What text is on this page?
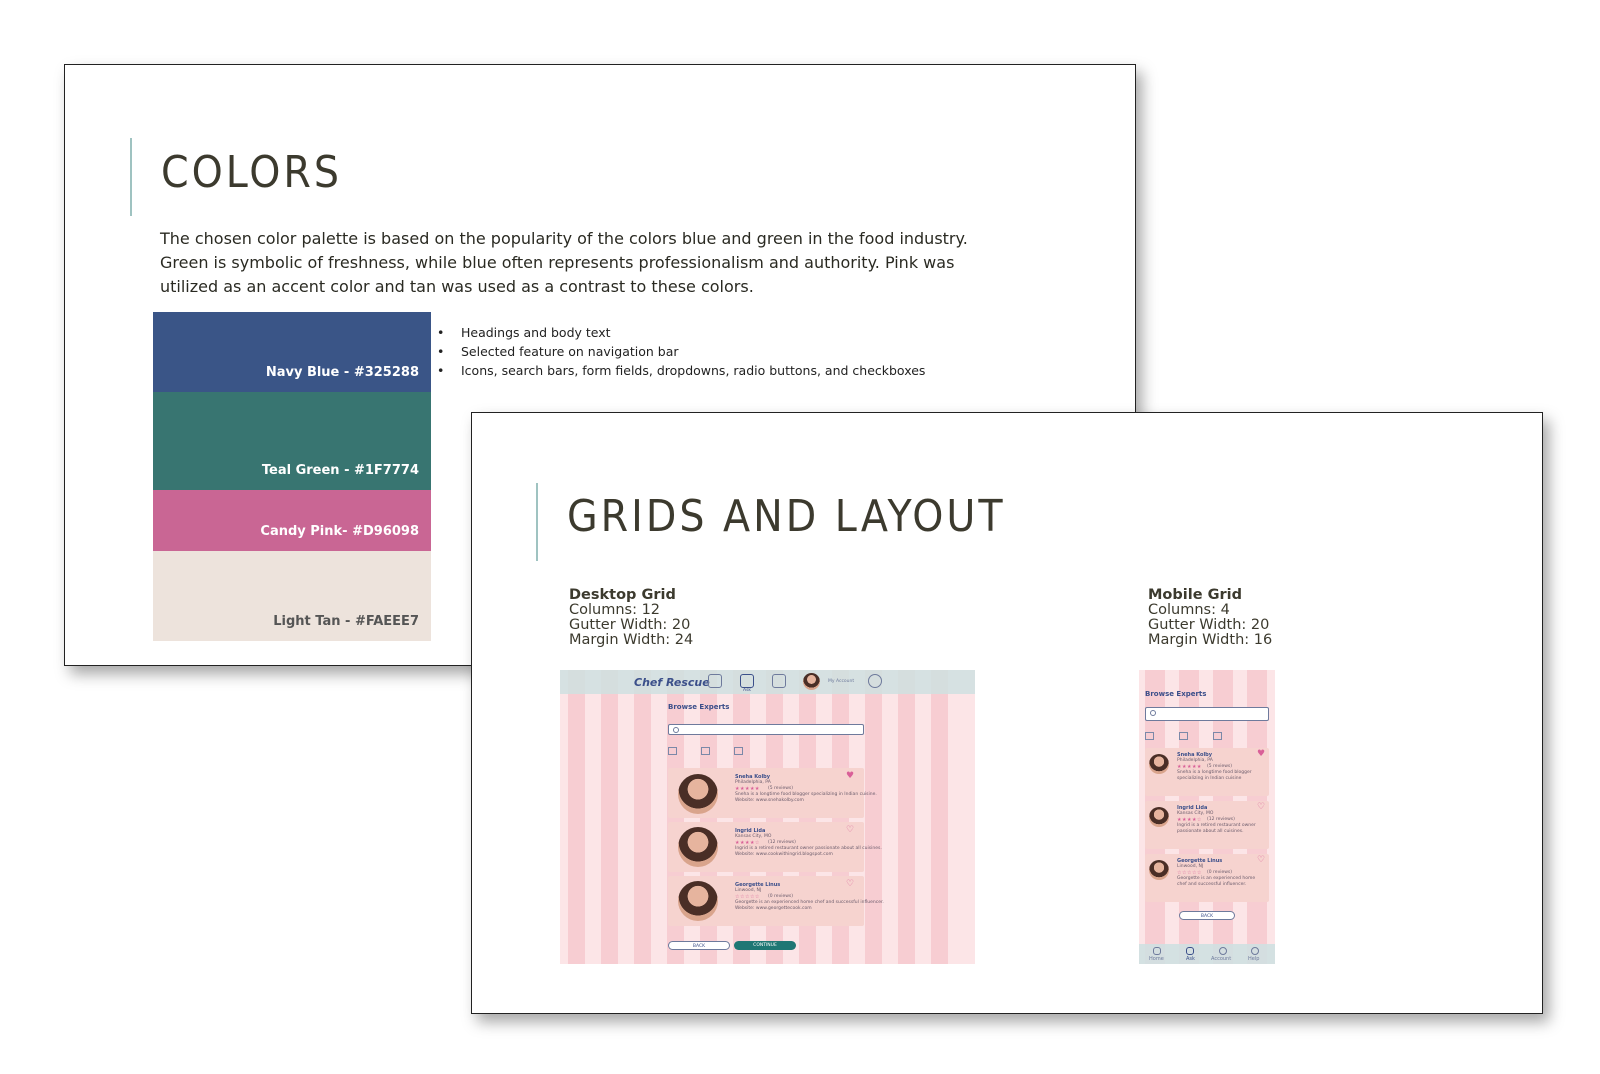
COLORS

The chosen color palette is based on the popularity of the colors blue and green in the food industry. Green is symbolic of freshness, while blue often represents professionalism and authority. Pink was utilized as an accent color and tan was used as a contrast to these colors.

Navy Blue - #325288
Teal Green - #1F7774
Candy Pink- #D96098
Light Tan - #FAEEE7
• Headings and body text
• Selected feature on navigation bar
• Icons, search bars, form fields, dropdowns, radio buttons, and checkboxes
GRIDS AND LAYOUT
Desktop Grid
Columns: 12
Gutter Width: 20
Margin Width: 24
Mobile Grid
Columns: 4
Gutter Width: 20
Margin Width: 16
Chef Rescue
Ask
My Account
Browse Experts
Sneha Kolby
Philadelphia, PA
★★★★★ (5 reviews)
Sneha is a longtime food blogger specializing in Indian cuisine.
Website: www.snehakolby.com
♥
Ingrid Lida
Kansas City, MO
★★★★☆ (12 reviews)
Ingrid is a retired restaurant owner passionate about all cuisines.
Website: www.cookwithingrid.blogspot.com
♡
Georgette Linus
Linwood, NJ
☆☆☆☆☆ (0 reviews)
Georgette is an experienced home chef and successful influencer.
Website: www.georgettecook.com
♡
BACK	CONTINUE
Browse Experts
Sneha Kolby
Philadelphia, PA
★★★★★ (5 reviews)
Sneha is a longtime food blogger
specializing in Indian cuisine
♥
Ingrid Lida
Kansas City, MO
★★★★☆ (12 reviews)
Ingrid is a retired restaurant owner
passionate about all cuisines.
♡
Georgette Linus
Linwood, NJ
☆☆☆☆☆ (0 reviews)
Georgette is an experienced home
chef and successful influencer.
♡
BACK
Home	Ask	Account	Help
